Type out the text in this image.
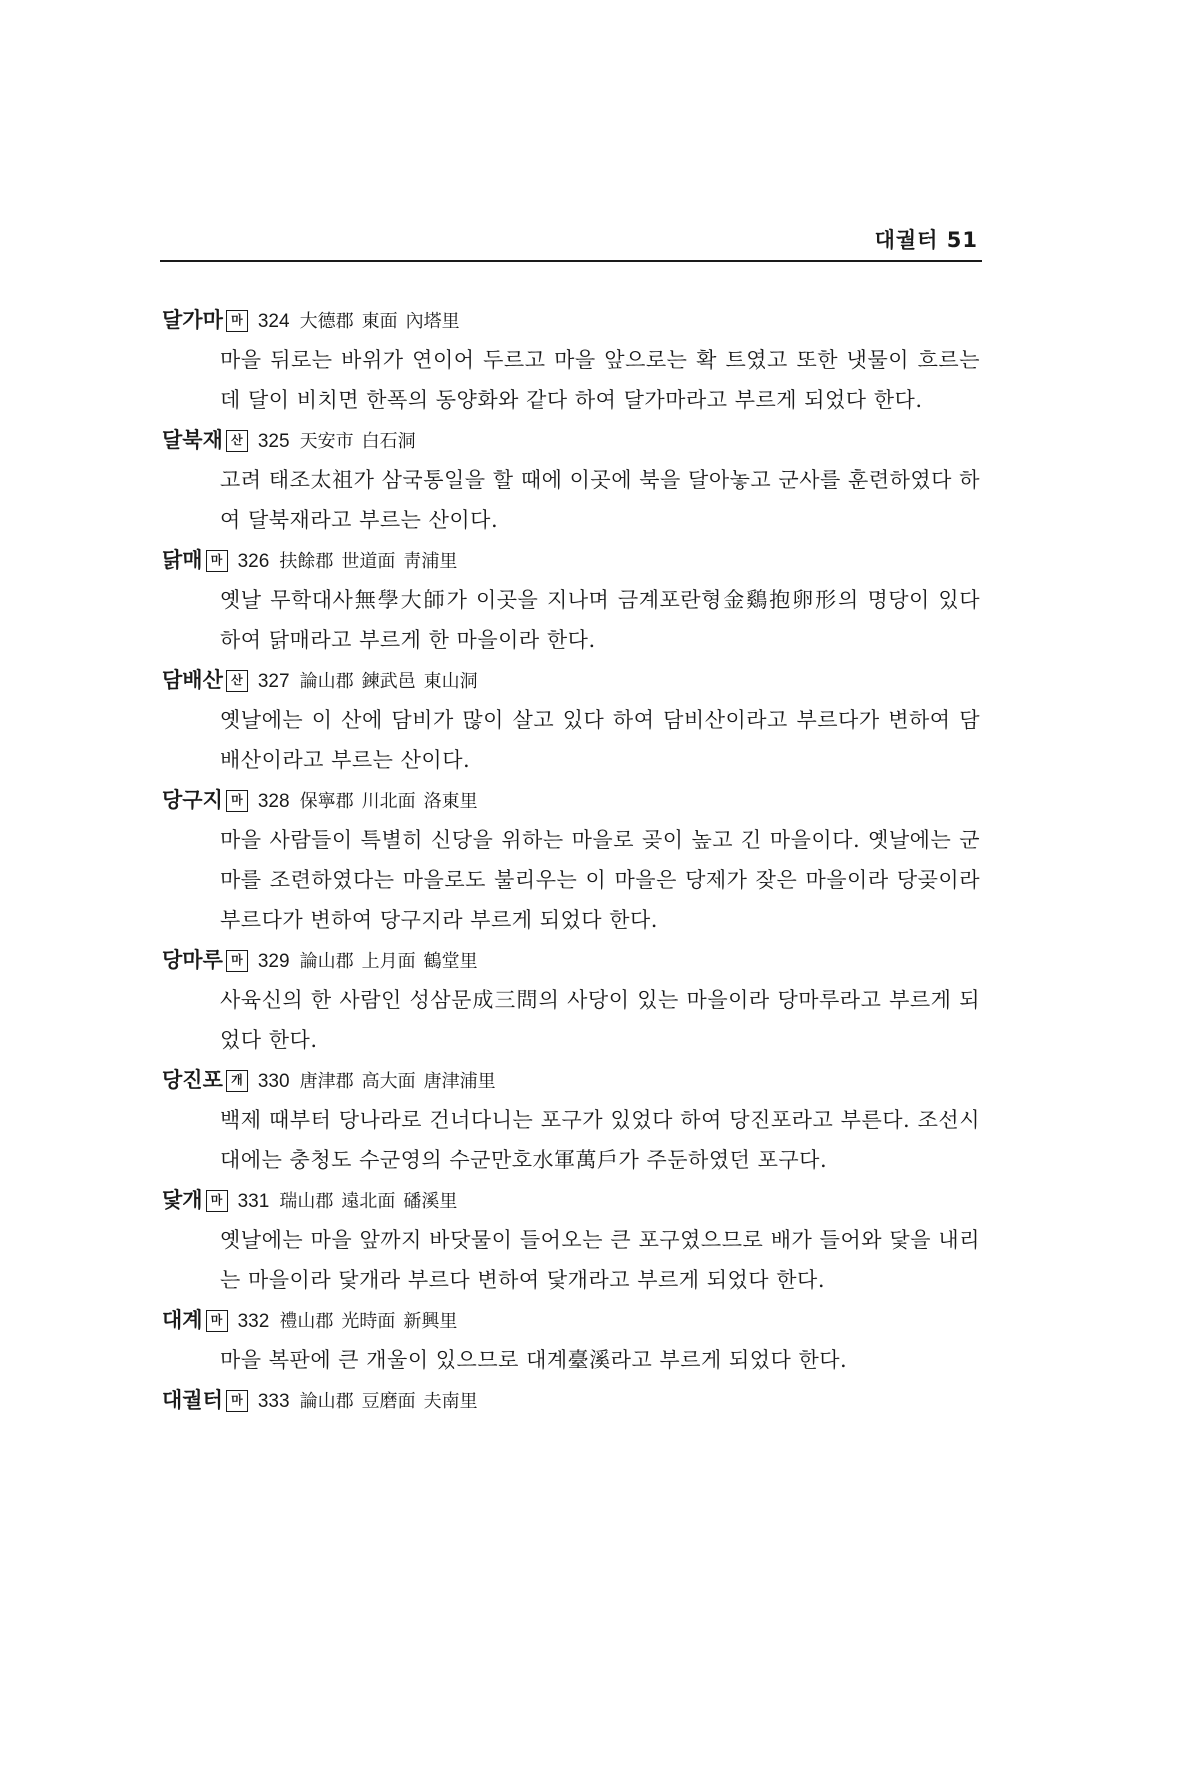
대궐터 51
달가마 마 324 大德郡 東面 內塔里

마을 뒤로는 바위가 연이어 두르고 마을 앞으로는 확 트였고 또한 냇물이 흐르는데 달이 비치면 한폭의 동양화와 같다 하여 달가마라고 부르게 되었다 한다.

달북재 산 325 天安市 白石洞

고려 태조太祖가 삼국통일을 할 때에 이곳에 북을 달아놓고 군사를 훈련하였다 하여 달북재라고 부르는 산이다.

닭매 마 326 扶餘郡 世道面 靑浦里

옛날 무학대사無學大師가 이곳을 지나며 금계포란형金鷄抱卵形의 명당이 있다 하여 닭매라고 부르게 한 마을이라 한다.

담배산 산 327 論山郡 鍊武邑 東山洞

옛날에는 이 산에 담비가 많이 살고 있다 하여 담비산이라고 부르다가 변하여 담배산이라고 부르는 산이다.

당구지 마 328 保寧郡 川北面 洛東里

마을 사람들이 특별히 신당을 위하는 마을로 곶이 높고 긴 마을이다. 옛날에는 군마를 조련하였다는 마을로도 불리우는 이 마을은 당제가 잦은 마을이라 당곶이라 부르다가 변하여 당구지라 부르게 되었다 한다.

당마루 마 329 論山郡 上月面 鶴堂里

사육신의 한 사람인 성삼문成三問의 사당이 있는 마을이라 당마루라고 부르게 되었다 한다.

당진포 개 330 唐津郡 高大面 唐津浦里

백제 때부터 당나라로 건너다니는 포구가 있었다 하여 당진포라고 부른다. 조선시대에는 충청도 수군영의 수군만호水軍萬戶가 주둔하였던 포구다.

닻개 마 331 瑞山郡 遠北面 磻溪里

옛날에는 마을 앞까지 바닷물이 들어오는 큰 포구였으므로 배가 들어와 닻을 내리는 마을이라 닻개라 부르다 변하여 닻개라고 부르게 되었다 한다.

대계 마 332 禮山郡 光時面 新興里

마을 복판에 큰 개울이 있으므로 대계臺溪라고 부르게 되었다 한다.

대궐터 마 333 論山郡 豆磨面 夫南里
